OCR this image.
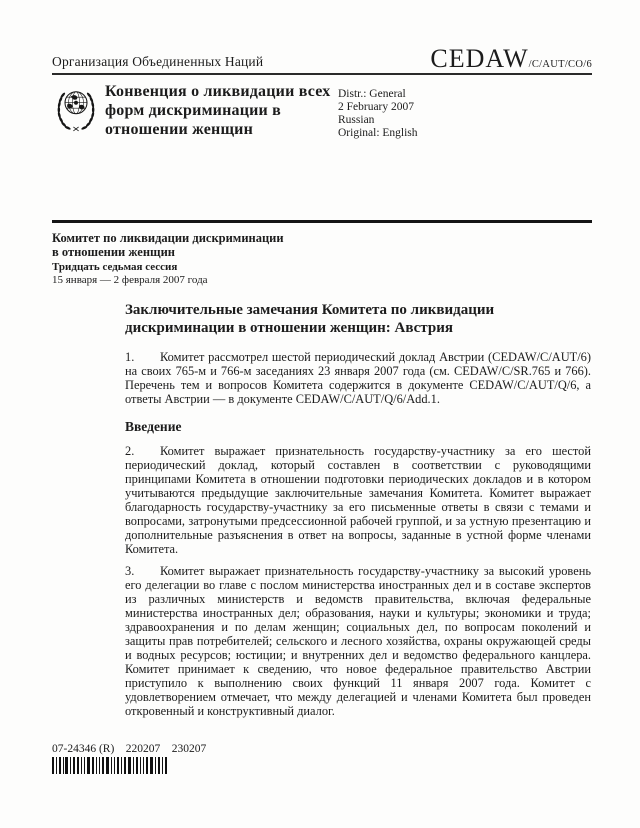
Организация Объединенных Наций	CEDAW/C/AUT/CO/6
Конвенция о ликвидации всех
форм дискриминации в
отношении женщин
Distr.: General
2 February 2007
Russian
Original: English
Комитет по ликвидации дискриминации
в отношении женщин
Тридцать седьмая сессия
15 января — 2 февраля 2007 года
Заключительные замечания Комитета по ликвидации дискриминации в отношении женщин: Австрия

1. Комитет рассмотрел шестой периодический доклад Австрии (CEDAW/C/AUT/6) на своих 765-м и 766-м заседаниях 23 января 2007 года (см. CEDAW/C/SR.765 и 766). Перечень тем и вопросов Комитета содержится в документе CEDAW/C/AUT/Q/6, а ответы Австрии — в документе CEDAW/C/AUT/Q/6/Add.1.

Введение

2. Комитет выражает признательность государству-участнику за его шестой периодический доклад, который составлен в соответствии с руководящими принципами Комитета в отношении подготовки периодических докладов и в котором учитываются предыдущие заключительные замечания Комитета. Комитет выражает благодарность государству-участнику за его письменные ответы в связи с темами и вопросами, затронутыми предсессионной рабочей группой, и за устную презентацию и дополнительные разъяснения в ответ на вопросы, заданные в устной форме членами Комитета.

3. Комитет выражает признательность государству-участнику за высокий уровень его делегации во главе с послом министерства иностранных дел и в составе экспертов из различных министерств и ведомств правительства, включая федеральные министерства иностранных дел; образования, науки и культуры; экономики и труда; здравоохранения и по делам женщин; социальных дел, по вопросам поколений и защиты прав потребителей; сельского и лесного хозяйства, охраны окружающей среды и водных ресурсов; юстиции; и внутренних дел и ведомство федерального канцлера. Комитет принимает к сведению, что новое федеральное правительство Австрии приступило к выполнению своих функций 11 января 2007 года. Комитет с удовлетворением отмечает, что между делегацией и членами Комитета был проведен откровенный и конструктивный диалог.

07-24346 (R)    220207    230207
